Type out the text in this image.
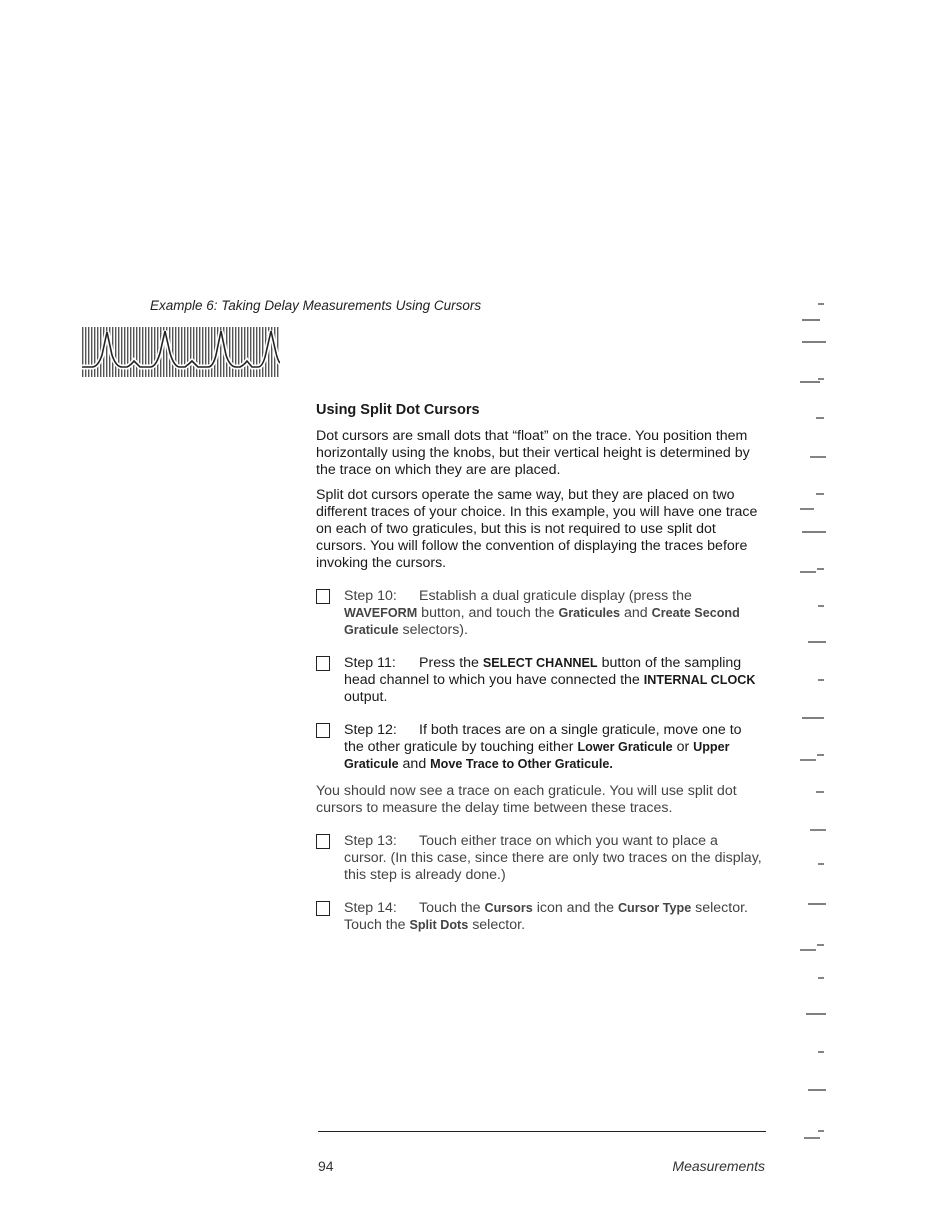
Example 6: Taking Delay Measurements Using Cursors
Using Split Dot Cursors

Dot cursors are small dots that “float” on the trace. You position them horizontally using the knobs, but their vertical height is determined by the trace on which they are are placed.

Split dot cursors operate the same way, but they are placed on two different traces of your choice. In this example, you will have one trace on each of two graticules, but this is not required to use split dot cursors. You will follow the convention of displaying the traces before invoking the cursors.

Step 10: Establish a dual graticule display (press the WAVEFORM button, and touch the Graticules and Create Second Graticule selectors).
Step 11: Press the SELECT CHANNEL button of the sampling head channel to which you have connected the INTERNAL CLOCK output.
Step 12: If both traces are on a single graticule, move one to the other graticule by touching either Lower Graticule or Upper Graticule and Move Trace to Other Graticule.

You should now see a trace on each graticule. You will use split dot cursors to measure the delay time between these traces.

Step 13: Touch either trace on which you want to place a cursor. (In this case, since there are only two traces on the display, this step is already done.)
Step 14: Touch the Cursors icon and the Cursor Type selector. Touch the Split Dots selector.
94	Measurements
